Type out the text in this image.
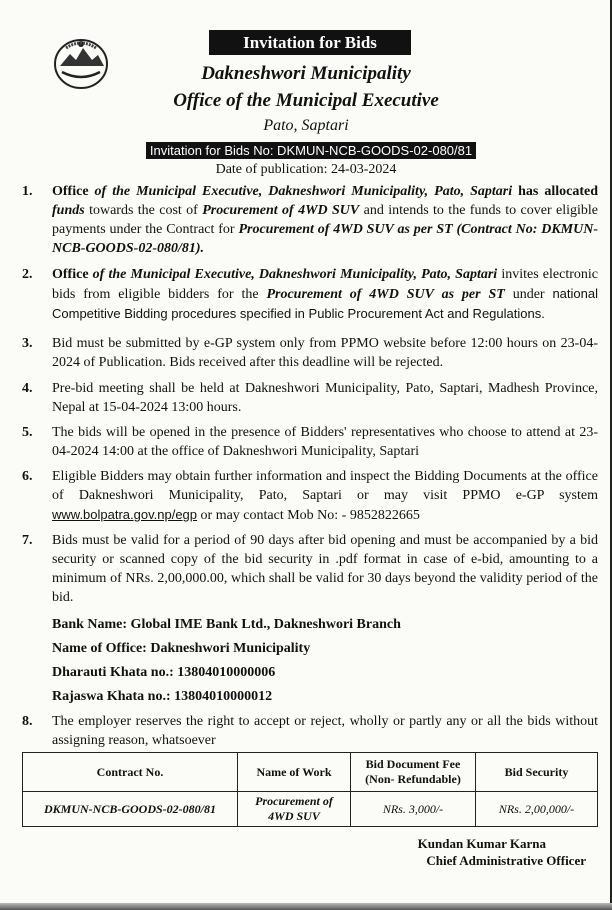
Invitation for Bids
Dakneshwori Municipality
Office of the Municipal Executive
Pato, Saptari
Invitation for Bids No: DKMUN-NCB-GOODS-02-080/81
Date of publication: 24-03-2024
1.	Office of the Municipal Executive, Dakneshwori Municipality, Pato, Saptari has allocated funds towards the cost of Procurement of 4WD SUV and intends to the funds to cover eligible payments under the Contract for Procurement of 4WD SUV as per ST (Contract No: DKMUN-NCB-GOODS-02-080/81).
2.	Office of the Municipal Executive, Dakneshwori Municipality, Pato, Saptari invites electronic bids from eligible bidders for the Procurement of 4WD SUV as per ST under national Competitive Bidding procedures specified in Public Procurement Act and Regulations.
3.	Bid must be submitted by e-GP system only from PPMO website before 12:00 hours on 23-04-2024 of Publication. Bids received after this deadline will be rejected.
4.	Pre-bid meeting shall be held at Dakneshwori Municipality, Pato, Saptari, Madhesh Province, Nepal at 15-04-2024 13:00 hours.
5.	The bids will be opened in the presence of Bidders' representatives who choose to attend at 23-04-2024 14:00 at the office of Dakneshwori Municipality, Saptari
6.	Eligible Bidders may obtain further information and inspect the Bidding Documents at the office of Dakneshwori Municipality, Pato, Saptari or may visit PPMO e-GP system www.bolpatra.gov.np/egp or may contact Mob No: - 9852822665
7.	Bids must be valid for a period of 90 days after bid opening and must be accompanied by a bid security or scanned copy of the bid security in .pdf format in case of e-bid, amounting to a minimum of NRs. 2,00,000.00, which shall be valid for 30 days beyond the validity period of the bid.
Bank Name: Global IME Bank Ltd., Dakneshwori Branch
Name of Office: Dakneshwori Municipality
Dharauti Khata no.: 13804010000006
Rajaswa Khata no.: 13804010000012
8.	The employer reserves the right to accept or reject, wholly or partly any or all the bids without assigning reason, whatsoever
Contract No.	Name of Work	Bid Document Fee (Non- Refundable)	Bid Security
DKMUN-NCB-GOODS-02-080/81	Procurement of 4WD SUV	NRs. 3,000/-	NRs. 2,00,000/-
Kundan Kumar Karna
Chief Administrative Officer
